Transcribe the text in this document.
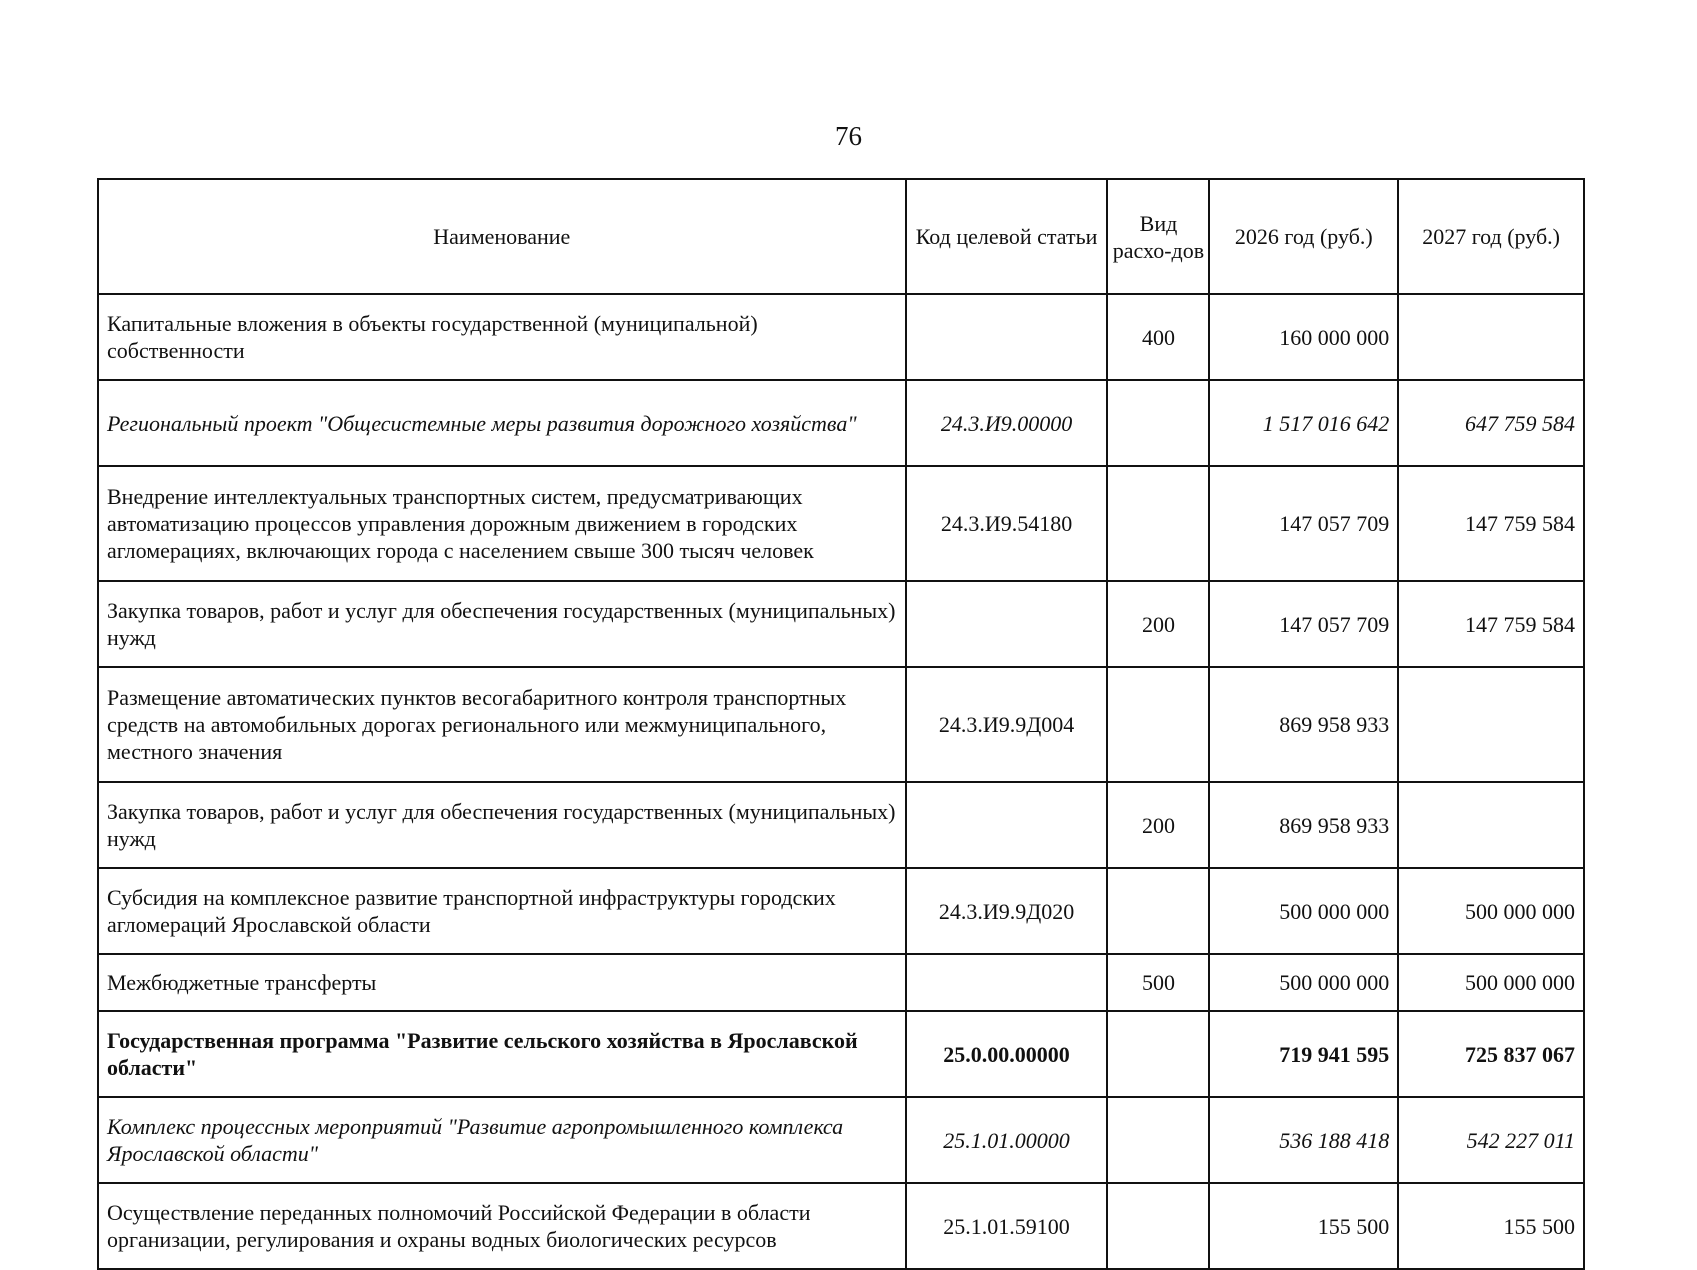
76
Наименование	Код целевой статьи	Вид расхо-дов	2026 год (руб.)	2027 год (руб.)
Капитальные вложения в объекты государственной (муниципальной) собственности		400	160 000 000	
Региональный проект "Общесистемные меры развития дорожного хозяйства"	24.3.И9.00000		1 517 016 642	647 759 584
Внедрение интеллектуальных транспортных систем, предусматривающих автоматизацию процессов управления дорожным движением в городских агломерациях, включающих города с населением свыше 300 тысяч человек	24.3.И9.54180		147 057 709	147 759 584
Закупка товаров, работ и услуг для обеспечения государственных (муниципальных) нужд		200	147 057 709	147 759 584
Размещение автоматических пунктов весогабаритного контроля транспортных средств на автомобильных дорогах регионального или межмуниципального, местного значения	24.3.И9.9Д004		869 958 933	
Закупка товаров, работ и услуг для обеспечения государственных (муниципальных) нужд		200	869 958 933	
Субсидия на комплексное развитие транспортной инфраструктуры городских агломераций Ярославской области	24.3.И9.9Д020		500 000 000	500 000 000
Межбюджетные трансферты		500	500 000 000	500 000 000
Государственная программа "Развитие сельского хозяйства в Ярославской области"	25.0.00.00000		719 941 595	725 837 067
Комплекс процессных мероприятий "Развитие агропромышленного комплекса Ярославской области"	25.1.01.00000		536 188 418	542 227 011
Осуществление переданных полномочий Российской Федерации в области организации, регулирования и охраны водных биологических ресурсов	25.1.01.59100		155 500	155 500
